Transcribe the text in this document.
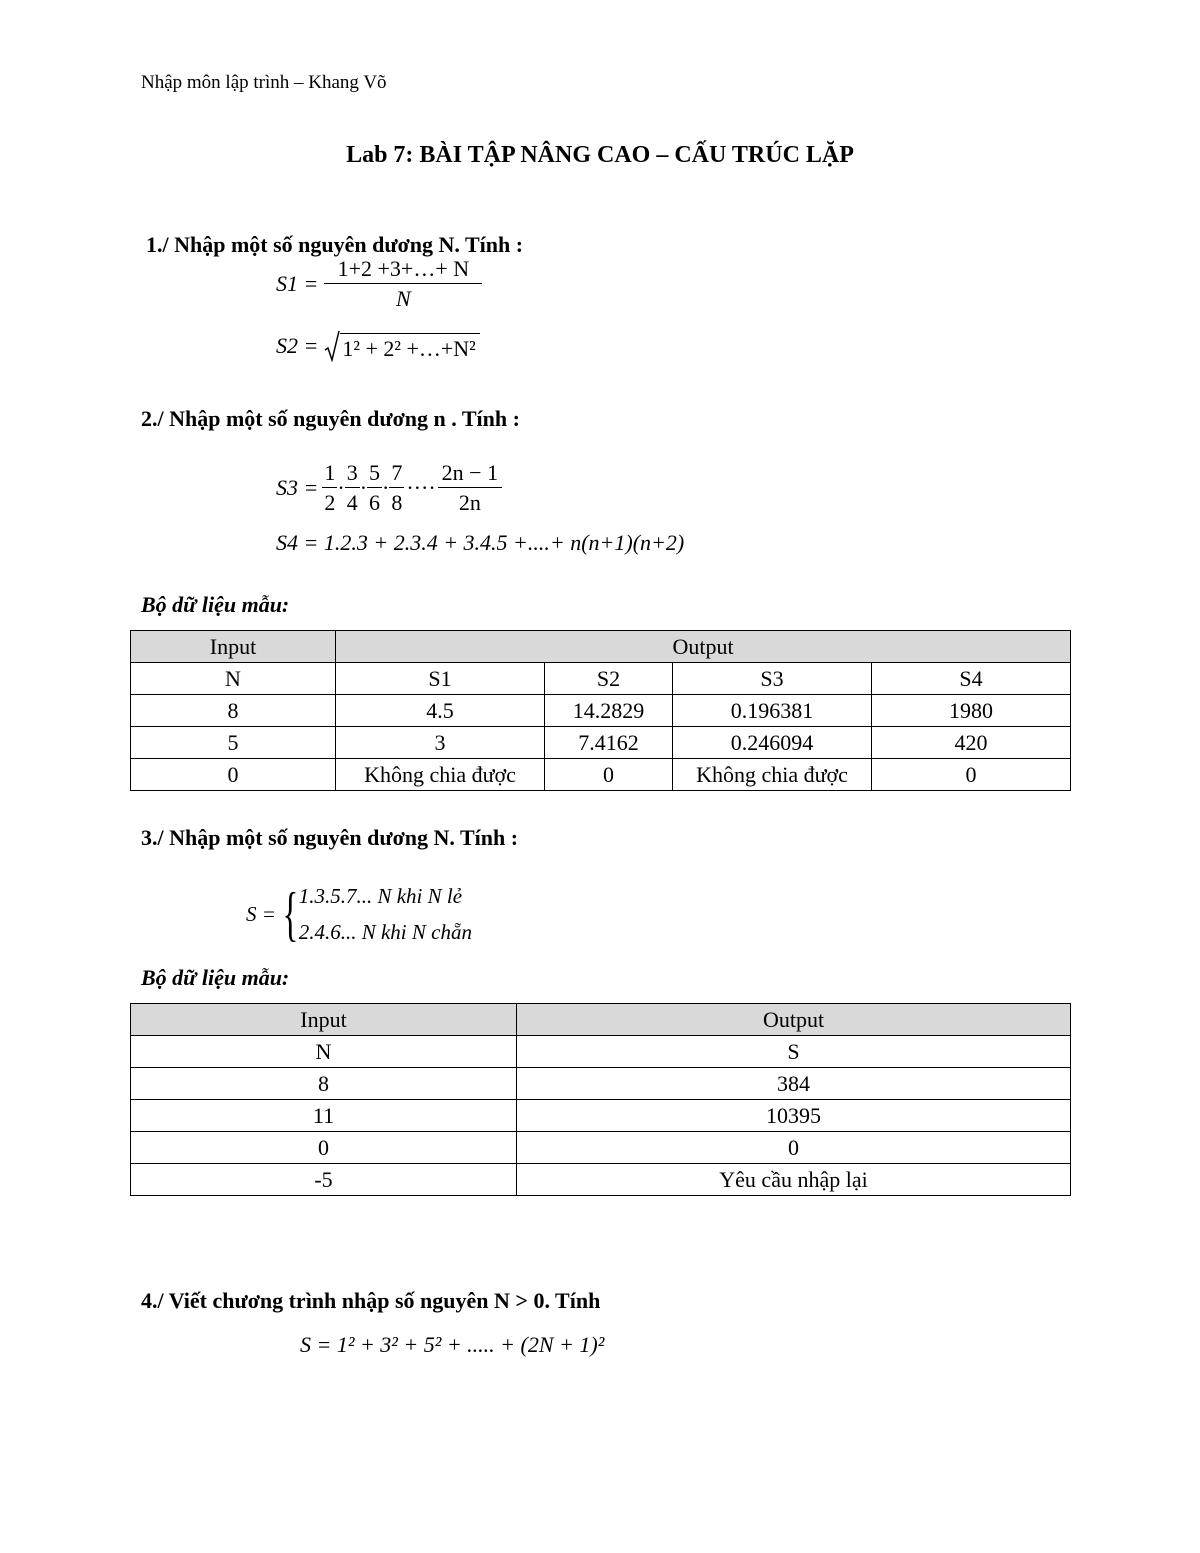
Nhập môn lập trình – Khang Võ
Lab 7: BÀI TẬP NÂNG CAO – CẤU TRÚC LẶP
1./ Nhập một số nguyên dương N. Tính :
$S1 = \frac{1+2 +3+\dots+ N}{N}$
S2 = 1² + 2² +…+N²
2./ Nhập một số nguyên dương n . Tính :
$S3 = \frac{1}{2} \cdot \frac{3}{4} \cdot \frac{5}{6} \cdot \frac{7}{8}$ ···· $\frac{2n - 1}{2n}$
S4 = 1.2.3 + 2.3.4 + 3.4.5 +....+ n(n+1)(n+2)
Bộ dữ liệu mẫu:
Input	Output			
N	S1	S2	S3	S4
8	4.5	14.2829	0.196381	1980
5	3	7.4162	0.246094	420
0	Không chia được	0	Không chia được	0
3./ Nhập một số nguyên dương N. Tính :
S = { 1.3.5.7... N khi N lẻ
2.4.6... N khi N chẵn
Bộ dữ liệu mẫu:
Input	Output
N	S
8	384
11	10395
0	0
-5	Yêu cầu nhập lại
4./ Viết chương trình nhập số nguyên N > 0. Tính
S = 1² + 3² + 5² + ..... + (2N + 1)²
